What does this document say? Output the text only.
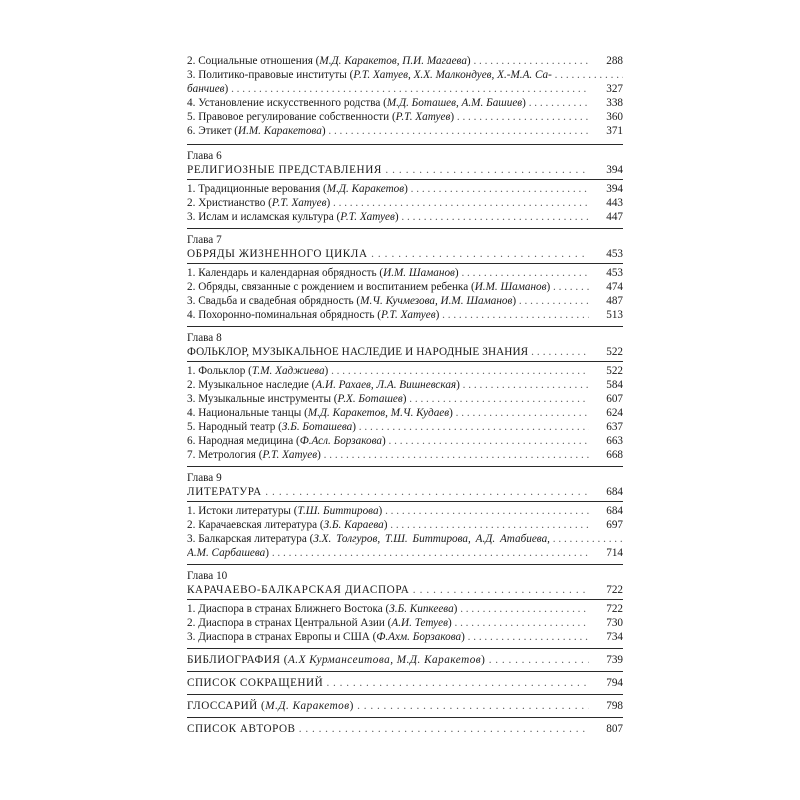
2. Социальные отношения (М.Д. Каракетов, П.И. Магаева) . . .	288
3. Политико-правовые институты (Р.Т. Хатуев, Х.Х. Малкондуев, Х.-М.А. Са- . . .
банчиев) . . .	327
4. Установление искусственного родства (М.Д. Боташев, А.М. Башиев) . . .	338
5. Правовое регулирование собственности (Р.Т. Хатуев) . . .	360
6. Этикет (И.М. Каракетова) . . .	371
Глава 6
РЕЛИГИОЗНЫЕ ПРЕДСТАВЛЕНИЯ . . .	394
1. Традиционные верования (М.Д. Каракетов) . . .	394
2. Христианство (Р.Т. Хатуев) . . .	443
3. Ислам и исламская культура (Р.Т. Хатуев) . . .	447
Глава 7
ОБРЯДЫ ЖИЗНЕННОГО ЦИКЛА . . .	453
1. Календарь и календарная обрядность (И.М. Шаманов) . . .	453
2. Обряды, связанные с рождением и воспитанием ребенка (И.М. Шаманов) . . .	474
3. Свадьба и свадебная обрядность (М.Ч. Кучмезова, И.М. Шаманов) . . .	487
4. Похоронно-поминальная обрядность (Р.Т. Хатуев) . . .	513
Глава 8
ФОЛЬКЛОР, МУЗЫКАЛЬНОЕ НАСЛЕДИЕ И НАРОДНЫЕ ЗНАНИЯ . . .	522
1. Фольклор (Т.М. Хаджиева) . . .	522
2. Музыкальное наследие (А.И. Рахаев, Л.А. Вишневская) . . .	584
3. Музыкальные инструменты (Р.Х. Боташев) . . .	607
4. Национальные танцы (М.Д. Каракетов, М.Ч. Кудаев) . . .	624
5. Народный театр (З.Б. Боташева) . . .	637
6. Народная медицина (Ф.Асл. Борзакова) . . .	663
7. Метрология (Р.Т. Хатуев) . . .	668
Глава 9
ЛИТЕРАТУРА . . .	684
1. Истоки литературы (Т.Ш. Биттирова) . . .	684
2. Карачаевская литература (З.Б. Караева) . . .	697
3. Балкарская литература (З.Х. Толгуров, Т.Ш. Биттирова, А.Д. Атабиева, . . .
А.М. Сарбашева) . . .	714
Глава 10
КАРАЧАЕВО-БАЛКАРСКАЯ ДИАСПОРА . . .	722
1. Диаспора в странах Ближнего Востока (З.Б. Кипкеева) . . .	722
2. Диаспора в странах Центральной Азии (А.И. Тетуев) . . .	730
3. Диаспора в странах Европы и США (Ф.Ахм. Борзакова) . . .	734
БИБЛИОГРАФИЯ (А.Х Курмансеитова, М.Д. Каракетов) . . .	739
СПИСОК СОКРАЩЕНИЙ . . .	794
ГЛОССАРИЙ (М.Д. Каракетов) . . .	798
СПИСОК АВТОРОВ . . .	807
